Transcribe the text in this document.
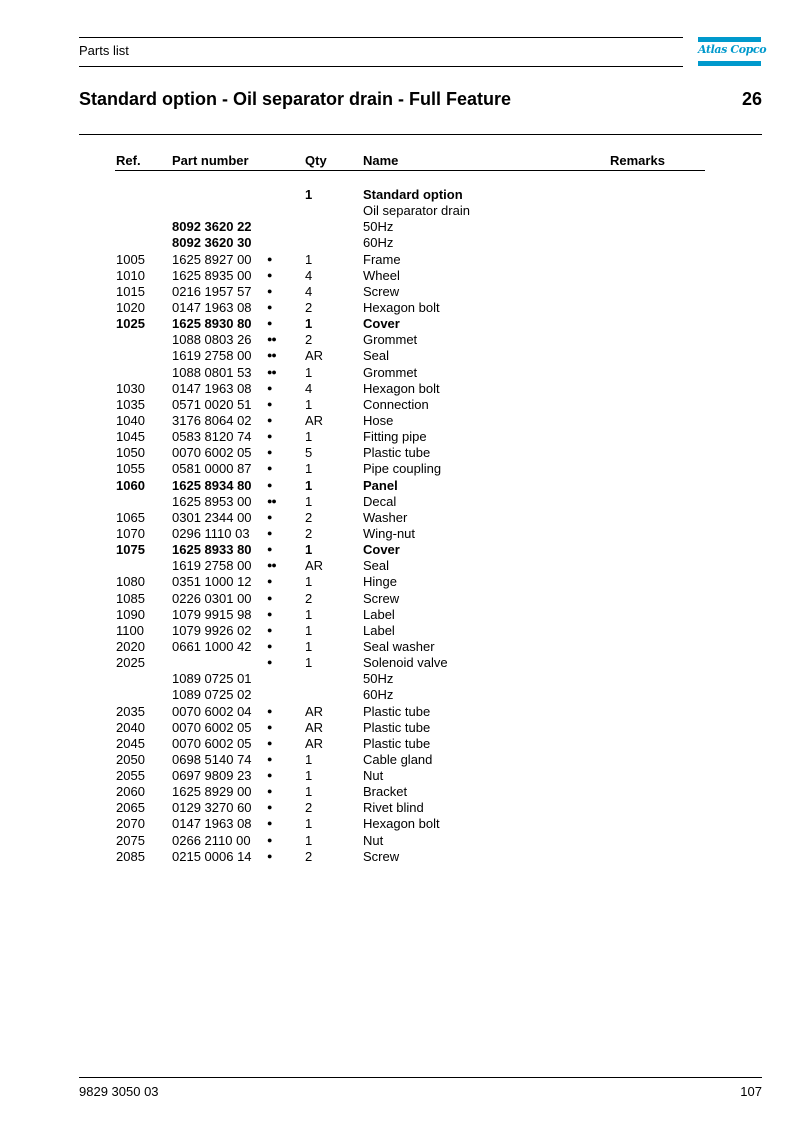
Parts list	Atlas Copco
Standard option - Oil separator drain - Full Feature	26
Ref. Part number	Qty	Name	Remarks
1	Standard option
Oil separator drain
8092 3620 22	50Hz
8092 3620 30	60Hz
1005 1625 8927 00 ●	1	Frame
1010 1625 8935 00 ●	4	Wheel
1015 0216 1957 57 ●	4	Screw
1020 0147 1963 08 ●	2	Hexagon bolt
1025 1625 8930 80 ●	1	Cover
1088 0803 26 ●● 2	Grommet
1619 2758 00 ●● AR	Seal
1088 0801 53 ●● 1	Grommet
1030 0147 1963 08 ●	4	Hexagon bolt
1035 0571 0020 51 ●	1	Connection
1040 3176 8064 02 ●	AR	Hose
1045 0583 8120 74 ●	1	Fitting pipe
1050 0070 6002 05 ●	5	Plastic tube
1055 0581 0000 87 ●	1	Pipe coupling
1060 1625 8934 80 ●	1	Panel
1625 8953 00 ●● 1	Decal
1065 0301 2344 00 ●	2	Washer
1070 0296 1110 03 ●	2	Wing-nut
1075 1625 8933 80 ●	1	Cover
1619 2758 00 ●● AR	Seal
1080 0351 1000 12 ●	1	Hinge
1085 0226 0301 00 ●	2	Screw
1090 1079 9915 98 ●	1	Label
1100 1079 9926 02 ●	1	Label
2020 0661 1000 42 ●	1	Seal washer
2025	●	1	Solenoid valve
1089 0725 01	50Hz
1089 0725 02	60Hz
2035 0070 6002 04 ●	AR	Plastic tube
2040 0070 6002 05 ●	AR	Plastic tube
2045 0070 6002 05 ●	AR	Plastic tube
2050 0698 5140 74 ●	1	Cable gland
2055 0697 9809 23 ●	1	Nut
2060 1625 8929 00 ●	1	Bracket
2065 0129 3270 60 ●	2	Rivet blind
2070 0147 1963 08 ●	1	Hexagon bolt
2075 0266 2110 00 ●	1	Nut
2085 0215 0006 14 ●	2	Screw
9829 3050 03	107
